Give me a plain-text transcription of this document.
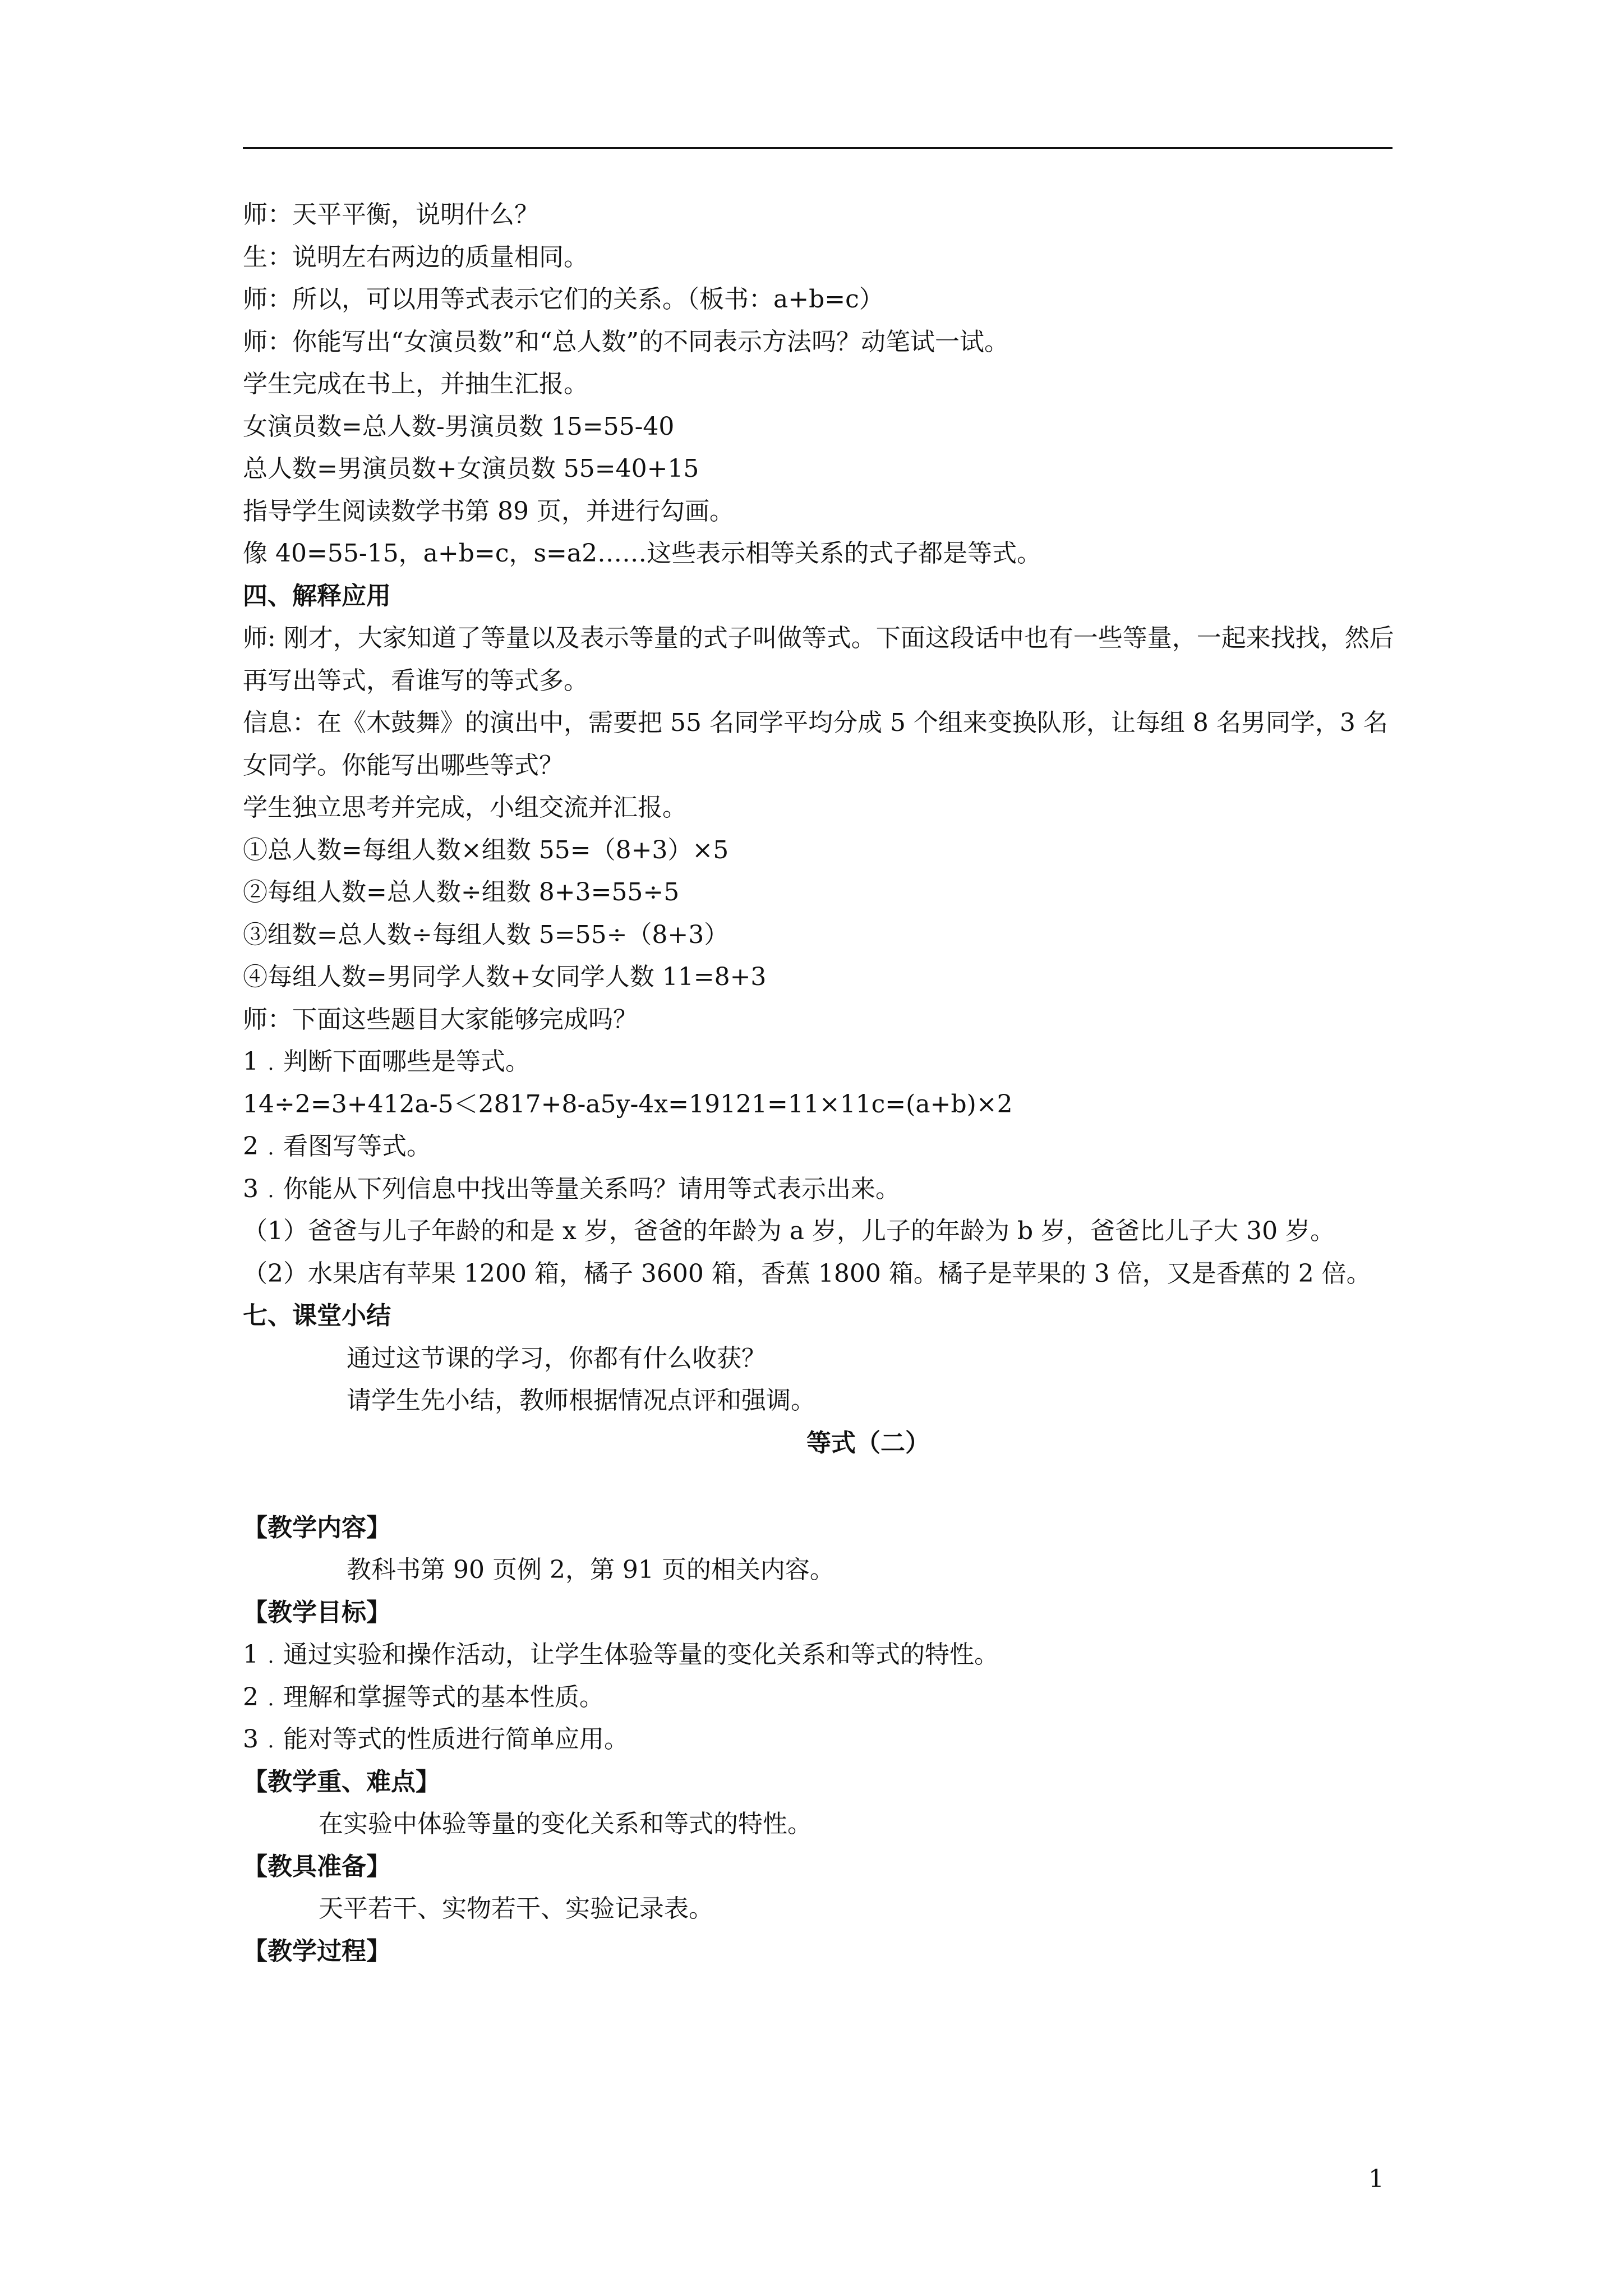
师：天平平衡，说明什么？
生：说明左右两边的质量相同。
师：所以，可以用等式表示它们的关系。（板书：a+b=c）
师：你能写出“女演员数”和“总人数”的不同表示方法吗？动笔试一试。
学生完成在书上，并抽生汇报。
女演员数=总人数-男演员数 15=55-40
总人数=男演员数+女演员数 55=40+15
指导学生阅读数学书第 89 页，并进行勾画。
像 40=55-15，a+b=c，s=a2……这些表示相等关系的式子都是等式。
四、解释应用
师: 刚才，大家知道了等量以及表示等量的式子叫做等式。下面这段话中也有一些等量，一起来找找，然后再写出等式，看谁写的等式多。
信息：在《木鼓舞》的演出中，需要把 55 名同学平均分成 5 个组来变换队形，让每组 8 名男同学，3 名女同学。你能写出哪些等式？
学生独立思考并完成，小组交流并汇报。
①总人数=每组人数×组数 55=（8+3）×5
②每组人数=总人数÷组数 8+3=55÷5
③组数=总人数÷每组人数 5=55÷（8+3）
④每组人数=男同学人数+女同学人数 11=8+3
师：下面这些题目大家能够完成吗？
1﹒判断下面哪些是等式。
14÷2=3+412a-5＜2817+8-a5y-4x=19121=11×11c=(a+b)×2
2﹒看图写等式。
3﹒你能从下列信息中找出等量关系吗？请用等式表示出来。
（1）爸爸与儿子年龄的和是 x 岁，爸爸的年龄为 a 岁，儿子的年龄为 b 岁，爸爸比儿子大 30 岁。
（2）水果店有苹果 1200 箱，橘子 3600 箱，香蕉 1800 箱。橘子是苹果的 3 倍，又是香蕉的 2 倍。
七、课堂小结
通过这节课的学习，你都有什么收获？
请学生先小结，教师根据情况点评和强调。
等式（二）
【教学内容】
教科书第 90 页例 2，第 91 页的相关内容。
【教学目标】
1﹒通过实验和操作活动，让学生体验等量的变化关系和等式的特性。
2﹒理解和掌握等式的基本性质。
3﹒能对等式的性质进行简单应用。
【教学重、难点】
在实验中体验等量的变化关系和等式的特性。
【教具准备】
天平若干、实物若干、实验记录表。
【教学过程】
1
